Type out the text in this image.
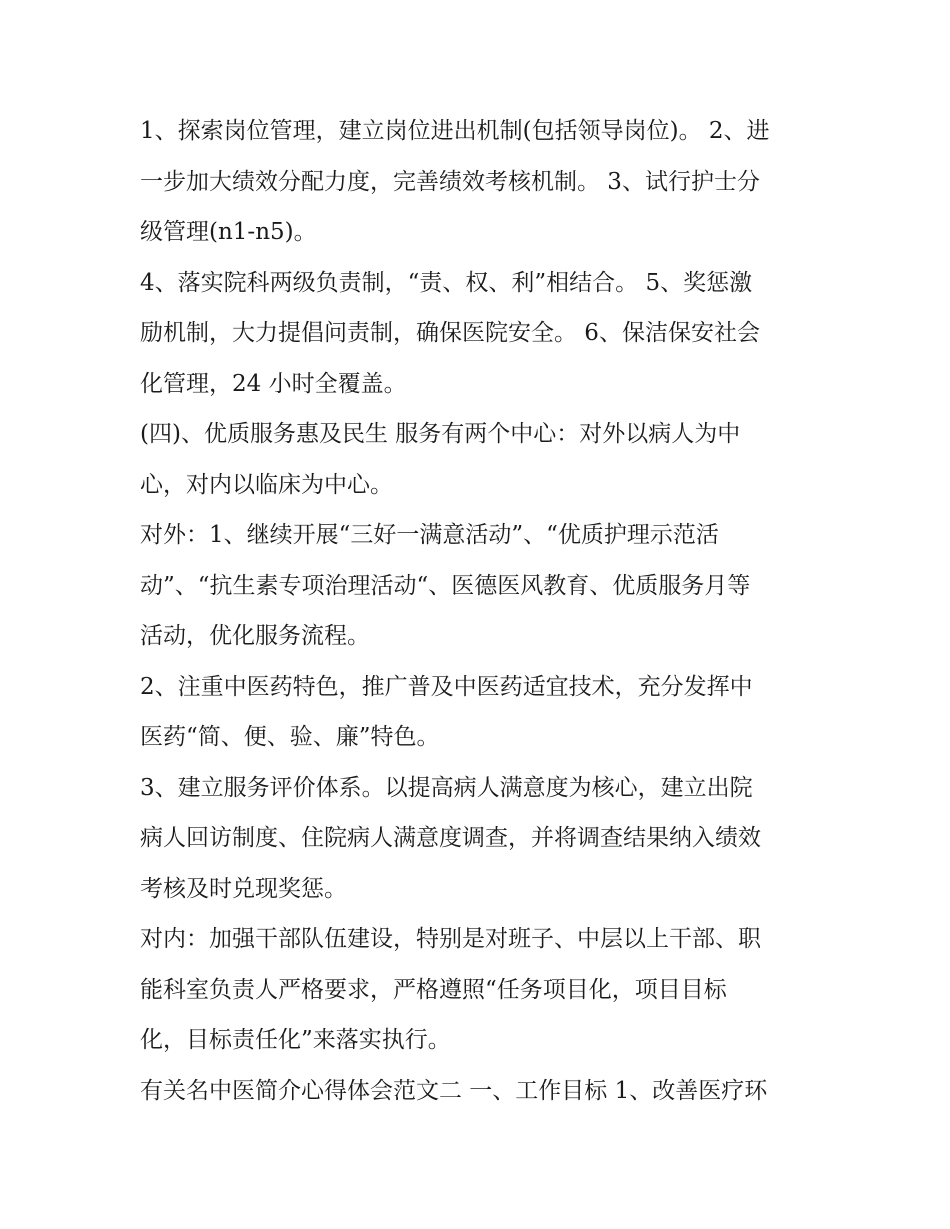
1、探索岗位管理，建立岗位进出机制(包括领导岗位)。 2、进
一步加大绩效分配力度，完善绩效考核机制。 3、试行护士分
级管理(n1-n5)。
4、落实院科两级负责制，“责、权、利”相结合。 5、奖惩激
励机制，大力提倡问责制，确保医院安全。 6、保洁保安社会
化管理，24 小时全覆盖。
(四)、优质服务惠及民生 服务有两个中心：对外以病人为中
心，对内以临床为中心。
对外：1、继续开展“三好一满意活动”、“优质护理示范活
动”、“抗生素专项治理活动“、医德医风教育、优质服务月等
活动，优化服务流程。
2、注重中医药特色，推广普及中医药适宜技术，充分发挥中
医药“简、便、验、廉”特色。
3、建立服务评价体系。以提高病人满意度为核心，建立出院
病人回访制度、住院病人满意度调查，并将调查结果纳入绩效
考核及时兑现奖惩。
对内：加强干部队伍建设，特别是对班子、中层以上干部、职
能科室负责人严格要求，严格遵照“任务项目化，项目目标
化，目标责任化”来落实执行。
有关名中医简介心得体会范文二 一、工作目标 1、改善医疗环
